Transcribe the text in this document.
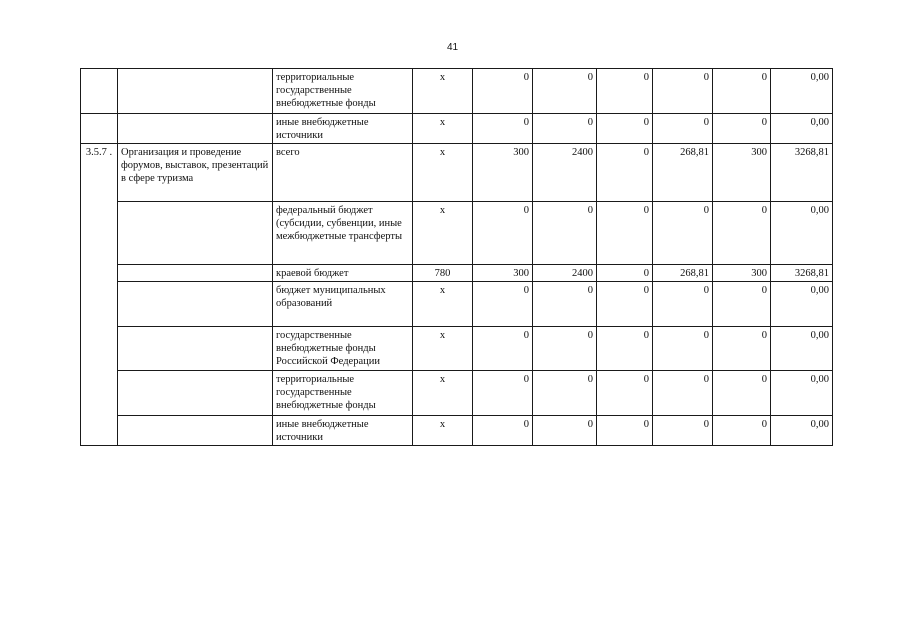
41
		территориальные государственные внебюджетные фонды	х	0	0	0	0	0	0,00
		иные внебюджетные источники	х	0	0	0	0	0	0,00
3.5.7 .	Организация и проведение форумов, выставок, презентаций в сфере туризма	всего	х	300	2400	0	268,81	300	3268,81
		федеральный бюджет (субсидии, субвенции, иные межбюджетные трансферты	х	0	0	0	0	0	0,00
		краевой бюджет	780	300	2400	0	268,81	300	3268,81
		бюджет муниципальных образований	х	0	0	0	0	0	0,00
		государственные внебюджетные фонды Российской Федерации	х	0	0	0	0	0	0,00
		территориальные государственные внебюджетные фонды	х	0	0	0	0	0	0,00
		иные внебюджетные источники	х	0	0	0	0	0	0,00
